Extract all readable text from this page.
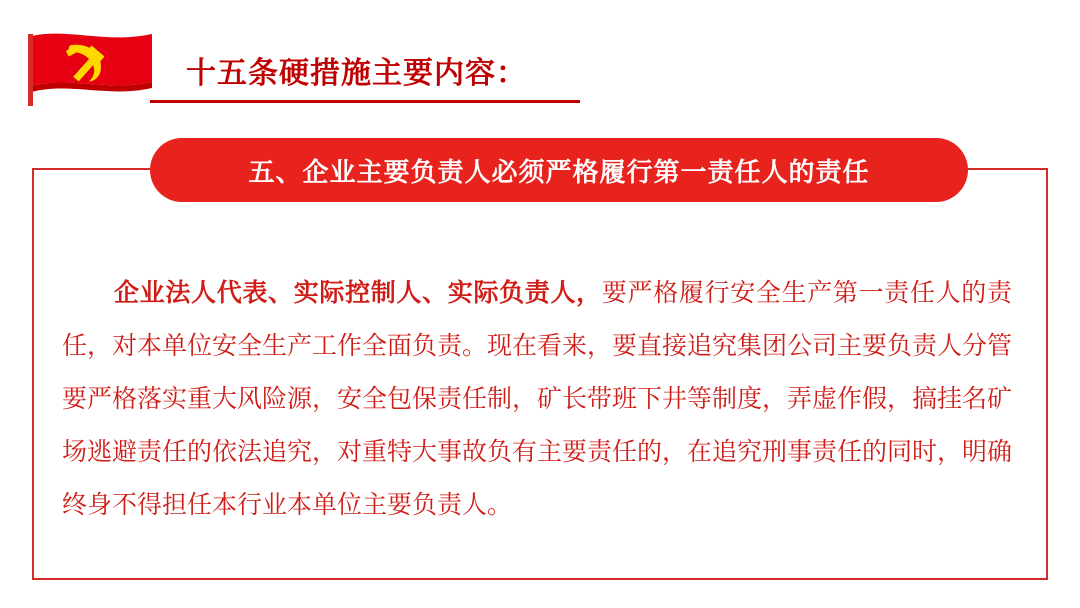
十五条硬措施主要内容：
五、企业主要负责人必须严格履行第一责任人的责任

企业法人代表、实际控制人、实际负责人，要严格履行安全生产第一责任人的责任，对本单位安全生产工作全面负责。现在看来，要直接追究集团公司主要负责人分管要严格落实重大风险源，安全包保责任制，矿长带班下井等制度，弄虚作假，搞挂名矿场逃避责任的依法追究，对重特大事故负有主要责任的，在追究刑事责任的同时，明确终身不得担任本行业本单位主要负责人。
